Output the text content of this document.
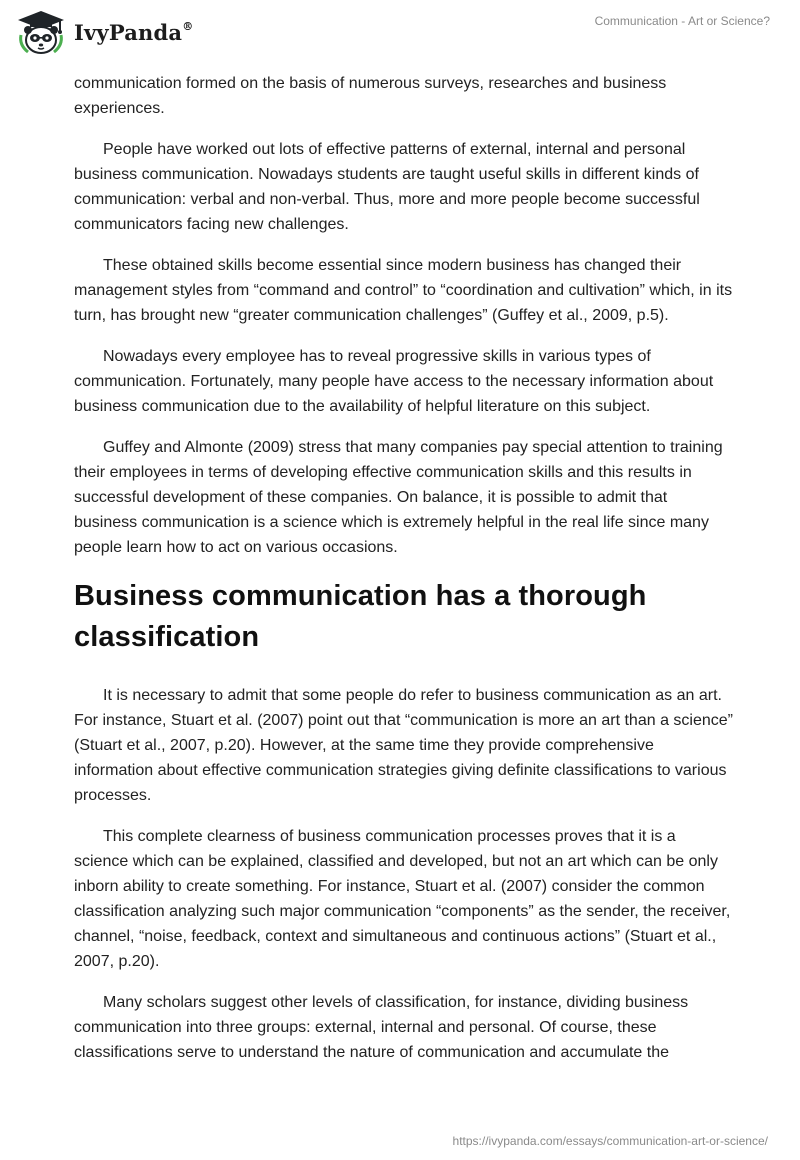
IvyPanda®	Communication - Art or Science?

communication formed on the basis of numerous surveys, researches and business experiences.

People have worked out lots of effective patterns of external, internal and personal business communication. Nowadays students are taught useful skills in different kinds of communication: verbal and non-verbal. Thus, more and more people become successful communicators facing new challenges.

These obtained skills become essential since modern business has changed their management styles from “command and control” to “coordination and cultivation” which, in its turn, has brought new “greater communication challenges” (Guffey et al., 2009, p.5).

Nowadays every employee has to reveal progressive skills in various types of communication. Fortunately, many people have access to the necessary information about business communication due to the availability of helpful literature on this subject.

Guffey and Almonte (2009) stress that many companies pay special attention to training their employees in terms of developing effective communication skills and this results in successful development of these companies. On balance, it is possible to admit that business communication is a science which is extremely helpful in the real life since many people learn how to act on various occasions.

Business communication has a thorough classification

It is necessary to admit that some people do refer to business communication as an art. For instance, Stuart et al. (2007) point out that “communication is more an art than a science” (Stuart et al., 2007, p.20). However, at the same time they provide comprehensive information about effective communication strategies giving definite classifications to various processes.

This complete clearness of business communication processes proves that it is a science which can be explained, classified and developed, but not an art which can be only inborn ability to create something. For instance, Stuart et al. (2007) consider the common classification analyzing such major communication “components” as the sender, the receiver, channel, “noise, feedback, context and simultaneous and continuous actions” (Stuart et al., 2007, p.20).

Many scholars suggest other levels of classification, for instance, dividing business communication into three groups: external, internal and personal. Of course, these classifications serve to understand the nature of communication and accumulate the

https://ivypanda.com/essays/communication-art-or-science/
